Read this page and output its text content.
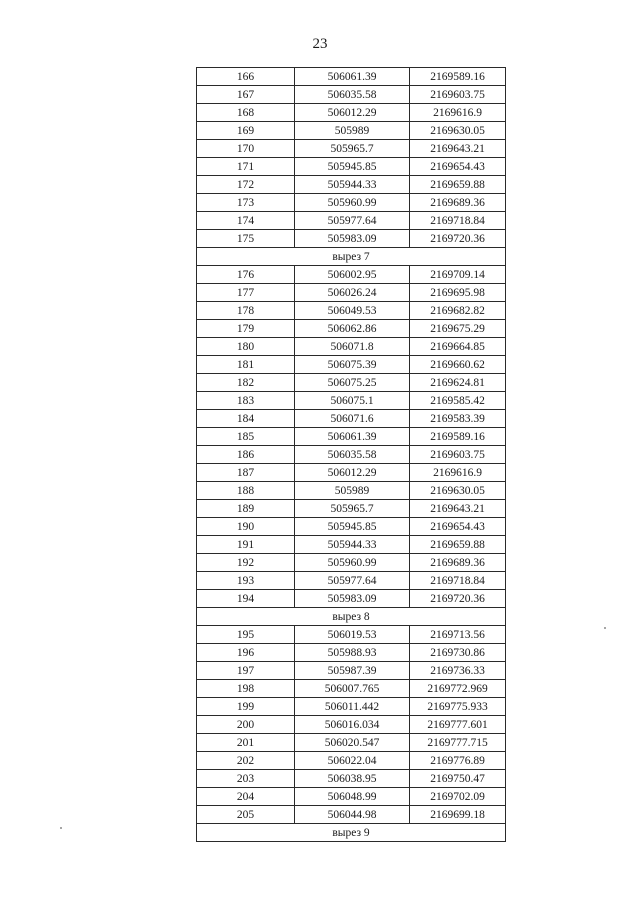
23
166	506061.39	2169589.16
167	506035.58	2169603.75
168	506012.29	2169616.9
169	505989	2169630.05
170	505965.7	2169643.21
171	505945.85	2169654.43
172	505944.33	2169659.88
173	505960.99	2169689.36
174	505977.64	2169718.84
175	505983.09	2169720.36
вырез 7		
176	506002.95	2169709.14
177	506026.24	2169695.98
178	506049.53	2169682.82
179	506062.86	2169675.29
180	506071.8	2169664.85
181	506075.39	2169660.62
182	506075.25	2169624.81
183	506075.1	2169585.42
184	506071.6	2169583.39
185	506061.39	2169589.16
186	506035.58	2169603.75
187	506012.29	2169616.9
188	505989	2169630.05
189	505965.7	2169643.21
190	505945.85	2169654.43
191	505944.33	2169659.88
192	505960.99	2169689.36
193	505977.64	2169718.84
194	505983.09	2169720.36
вырез 8		
195	506019.53	2169713.56
196	505988.93	2169730.86
197	505987.39	2169736.33
198	506007.765	2169772.969
199	506011.442	2169775.933
200	506016.034	2169777.601
201	506020.547	2169777.715
202	506022.04	2169776.89
203	506038.95	2169750.47
204	506048.99	2169702.09
205	506044.98	2169699.18
вырез 9		
